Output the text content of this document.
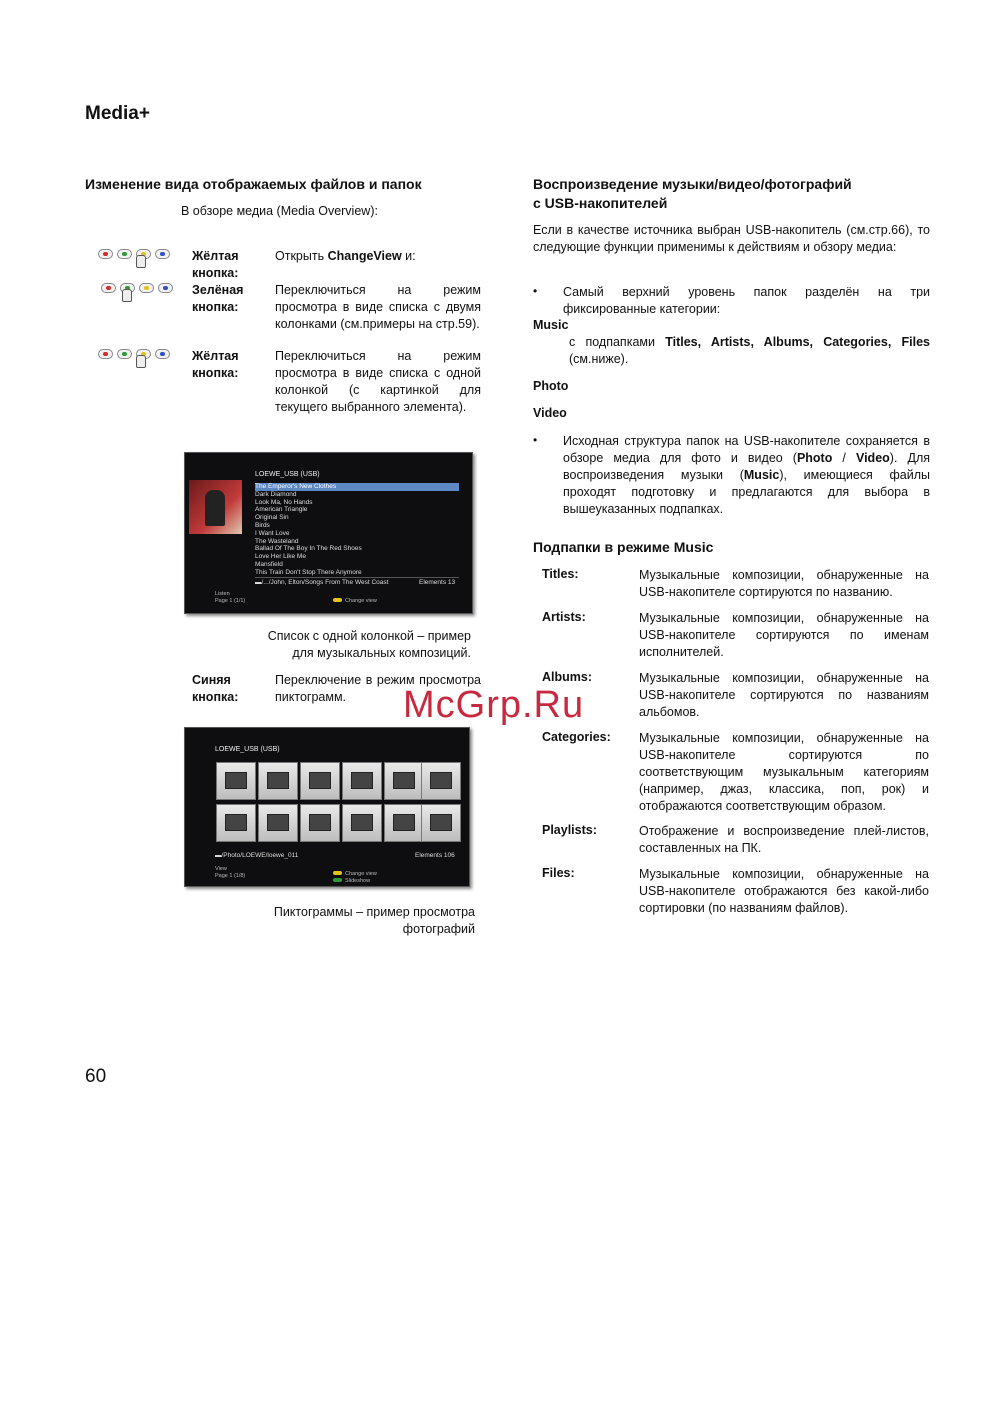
Media+
Изменение вида отображаемых файлов и папок
В обзоре медиа (Media Overview):
Жёлтая кнопка:
Открыть ChangeView и:
Зелёная кнопка:
Переключиться на режим просмотра в виде списка с двумя колонками (см.примеры на стр.59).
Жёлтая кнопка:
Переключиться на режим просмотра в виде списка с одной колонкой (с картинкой для текущего выбранного элемента).
LOEWE_USB (USB)
The Emperor's New Clothes
Dark Diamond
Look Ma, No Hands
American Triangle
Original Sin
Birds
I Want Love
The Wasteland
Ballad Of The Boy In The Red Shoes
Love Her Like Me
Mansfield
This Train Don't Stop There Anymore
▬/.../John, Elton/Songs From The West Coast	Elements 13
Listen
Page 1 (1/1)	Change view
Список с одной колонкой – пример
для музыкальных композиций.
Синяя кнопка:
Переключение в режим просмотра пиктограмм.
LOEWE_USB (USB)
▬/Photo/LOEWE/loewe_011	Elements 106
View
Page 1 (1/8)	Change view
Slideshow
Пиктограммы – пример просмотра
фотографий
Воспроизведение музыки/видео/фотографий
с USB-накопителей
Если в качестве источника выбран USB-накопитель (см.стр.66), то следующие функции применимы к действиям и обзору медиа:
• Самый верхний уровень папок разделён на три фиксированные категории:
Music
с подпапками Titles, Artists, Albums, Categories, Files
(см.ниже).
Photo
Video
• Исходная структура папок на USB-накопителе сохраняется в обзоре медиа для фото и видео (Photo / Video). Для воспроизведения музыки (Music), имеющиеся файлы проходят подготовку и предлагаются для выбора в вышеуказанных подпапках.
Подпапки в режиме Music
Titles:	Музыкальные композиции, обнаруженные на USB-накопителе сортируются по названию.
Artists:	Музыкальные композиции, обнаруженные на USB-накопителе сортируются по именам исполнителей.
Albums:	Музыкальные композиции, обнаруженные на USB-накопителе сортируются по названиям альбомов.
Categories: Музыкальные композиции, обнаруженные на USB-накопителе сортируются по соответствующим музыкальным категориям (например, джаз, классика, поп, рок) и отображаются соответствующим образом.
Playlists:	Отображение и воспроизведение плей-листов, составленных на ПК.
Files:	Музыкальные композиции, обнаруженные на USB-накопителе отображаются без какой-либо сортировки (по названиям файлов).
McGrp.Ru
60
